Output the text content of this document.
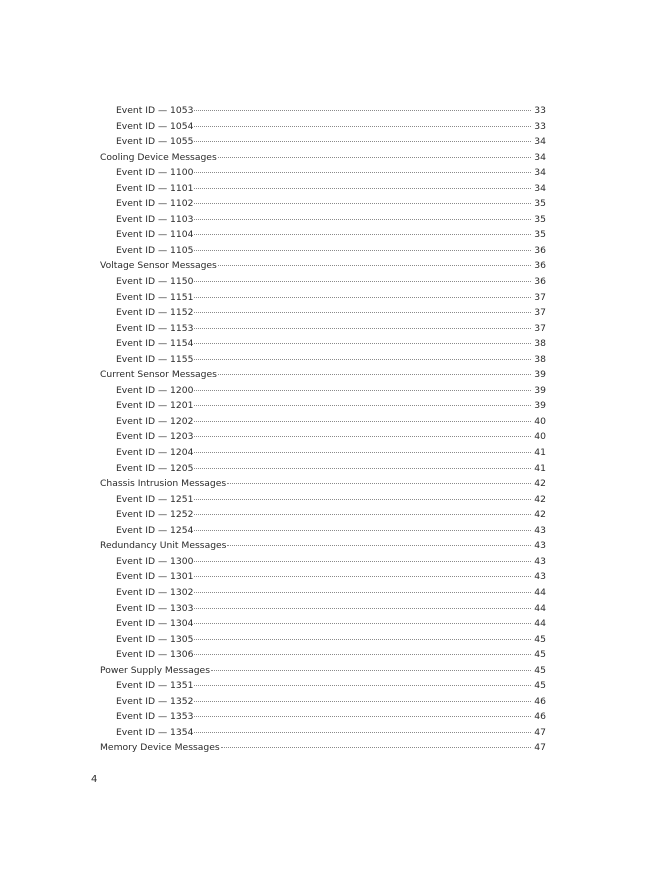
Event ID — 1053	33
Event ID — 1054	33
Event ID — 1055	34
Cooling Device Messages	34
Event ID — 1100	34
Event ID — 1101	34
Event ID — 1102	35
Event ID — 1103	35
Event ID — 1104	35
Event ID — 1105	36
Voltage Sensor Messages	36
Event ID — 1150	36
Event ID — 1151	37
Event ID — 1152	37
Event ID — 1153	37
Event ID — 1154	38
Event ID — 1155	38
Current Sensor Messages	39
Event ID — 1200	39
Event ID — 1201	39
Event ID — 1202	40
Event ID — 1203	40
Event ID — 1204	41
Event ID — 1205	41
Chassis Intrusion Messages	42
Event ID — 1251	42
Event ID — 1252	42
Event ID — 1254	43
Redundancy Unit Messages	43
Event ID — 1300	43
Event ID — 1301	43
Event ID — 1302	44
Event ID — 1303	44
Event ID — 1304	44
Event ID — 1305	45
Event ID — 1306	45
Power Supply Messages	45
Event ID — 1351	45
Event ID — 1352	46
Event ID — 1353	46
Event ID — 1354	47
Memory Device Messages	47
4
